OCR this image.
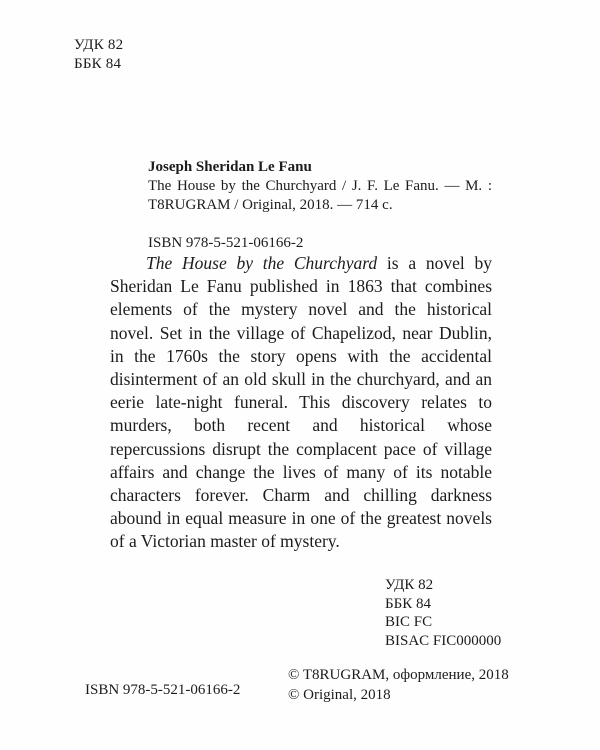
УДК 82
ББК 84
Joseph Sheridan Le Fanu
The House by the Churchyard / J. F. Le Fanu. — М. :
T8RUGRAM / Original, 2018. — 714 с.
ISBN 978-5-521-06166-2

The House by the Churchyard is a novel by Sheridan Le Fanu published in 1863 that combines elements of the mystery novel and the historical novel. Set in the village of Chapelizod, near Dublin, in the 1760s the story opens with the accidental disinterment of an old skull in the churchyard, and an eerie late-night funeral. This discovery relates to murders, both recent and historical whose repercussions disrupt the complacent pace of village affairs and change the lives of many of its notable characters forever. Charm and chilling darkness abound in equal measure in one of the greatest novels of a Victorian master of mystery.

УДК 82
ББК 84
BIC FC
BISAC FIC000000
ISBN 978-5-521-06166-2
© T8RUGRAM, оформление, 2018
© Original, 2018
